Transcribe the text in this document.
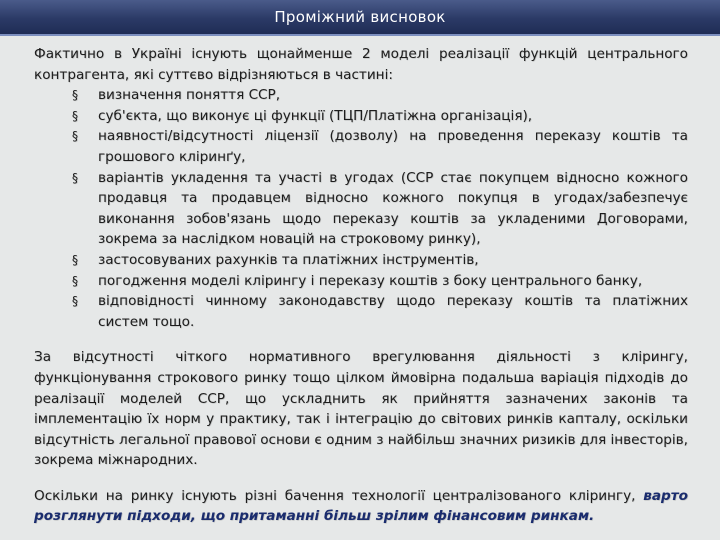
Проміжний висновок

Фактично в Україні існують щонайменше 2 моделі реалізації функцій центрального контрагента, які суттєво відрізняються в частині:

§ визначення поняття ССР,
§ суб'єкта, що виконує ці функції (ТЦП/Платіжна організація),
§ наявності/відсутності ліцензії (дозволу) на проведення переказу коштів та грошового кліринґу,
§ варіантів укладення та участі в угодах (ССР стає покупцем відносно кожного продавця та продавцем відносно кожного покупця в угодах/забезпечує виконання зобов'язань щодо переказу коштів за укладеними Договорами, зокрема за наслідком новацій на строковому ринку),
§ застосовуваних рахунків та платіжних інструментів,
§ погодження моделі клірингу і переказу коштів з боку центрального банку,
§ відповідності чинному законодавству щодо переказу коштів та платіжних систем тощо.

За відсутності чіткого нормативного врегулювання діяльності з клірингу, функціонування строкового ринку тощо цілком ймовірна подальша варіація підходів до реалізації моделей ССР, що ускладнить як прийняття зазначених законів та імплементацію їх норм у практику, так і інтеграцію до світових ринків капталу, оскільки відсутність легальної правової основи є одним з найбільш значних ризиків для інвесторів, зокрема міжнародних.

Оскільки на ринку існують різні бачення технології централізованого клірингу, варто розглянути підходи, що притаманні більш зрілим фінансовим ринкам.
